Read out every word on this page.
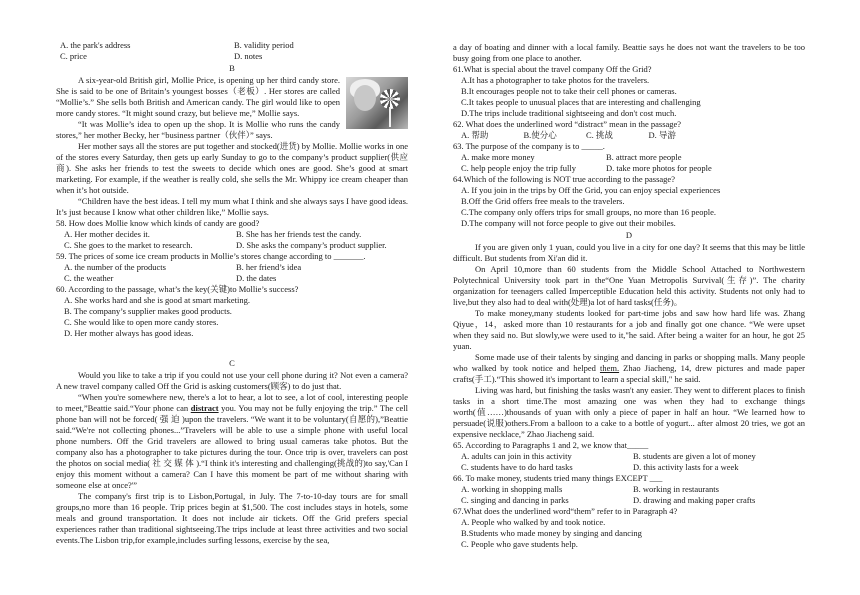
A. the park's address	B. validity period
C. price	D. notes

B

A six-year-old British girl, Mollie Price, is opening up her third candy store. She is said to be one of Britain’s youngest bosses（老板）. Her stores are called “Mollie’s.” She sells both British and American candy. The girl would like to open more candy stores. “It might sound crazy, but believe me,” Mollie says.

“It was Mollie’s idea to open up the shop. It is Mollie who runs the candy stores,” her mother Becky, her “business partner（伙伴）” says.

Her mother says all the stores are put together and stocked(进货) by Mollie. Mollie works in one of the stores every Saturday, then gets up early Sunday to go to the company’s product supplier(供应商). She asks her friends to test the sweets to decide which ones are good. She’s good at smart marketing. For example, if the weather is really cold, she sells the Mr. Whippy ice cream cheaper than when it’s hot outside.

“Children have the best ideas. I tell my mum what I think and she always says I have good ideas. It’s just because I know what other children like,” Mollie says.

58. How does Mollie know which kinds of candy are good?

A. Her mother decides it.	B. She has her friends test the candy.
C. She goes to the market to research.	D. She asks the company’s product supplier.

59. The prices of some ice cream products in Mollie’s stores change according to _______.

A. the number of the products	B. her friend’s idea
C. the weather	D. the dates

60. According to the passage, what’s the key(关键)to Mollie’s success?

A. She works hard and she is good at smart marketing.

B. The company’s supplier makes good products.

C. She would like to open more candy stores.

D. Her mother always has good ideas.

C

Would you like to take a trip if you could not use your cell phone during it? Not even a camera? A new travel company called Off the Grid is asking customers(顾客) to do just that.

“When you're somewhere new, there's a lot to hear, a lot to see, a lot of cool, interesting people to meet,”Beattie said.“Your phone can distract you. You may not be fully enjoying the trip.” The cell phone ban will not be forced( 强 迫 )upon the travelers. “We want it to be voluntary(自愿的),”Beattie said.“We're not collecting phones...”Travelers will be able to use a simple phone with useful local phone numbers. Off the Grid travelers are allowed to bring usual cameras take photos. But the company also has a photographer to take pictures during the tour. Once trip is over, travelers can post the photos on social media( 社 交 媒 体 ).“I think it's interesting and challenging(挑战的)to say,'Can I enjoy this moment without a camera? Can I have this moment be part of me without sharing with someone else at once?'”

The company's first trip is to Lisbon,Portugal, in July. The 7-to-10-day tours are for small groups,no more than 16 people. Trip prices begin at $1,500. The cost includes stays in hotels, some meals and ground transportation. It does not include air tickets. Off the Grid prefers special experiences rather than traditional sightseeing.The trips include at least three activities and two social events.The Lisbon trip,for example,includes surfing lessons, exercise by the sea,

a day of boating and dinner with a local family. Beattie says he does not want the travelers to be too busy going from one place to another.

61.What is special about the travel company Off the Grid?

A.It has a photographer to take photos for the travelers.

B.It encourages people not to take their cell phones or cameras.

C.It takes people to unusual places that are interesting and challenging

D.The trips include traditional sightseeing and don't cost much.

62. What does the underlined word “distract” mean in the passage?

A. 帮助	B.使分心	C. 挑战	D. 导游

63. The purpose of the company is to _____.

A. make more money	B. attract more people
C. help people enjoy the trip fully	D. take more photos for people

64.Which of the following is NOT true according to the passage?

A. If you join in the trips by Off the Grid, you can enjoy special experiences

B.Off the Grid offers free meals to the travelers.

C.The company only offers trips for small groups, no more than 16 people.

D.The company will not force people to give out their mobiles.

D

If you are given only 1 yuan, could you live in a city for one day? It seems that this may be little difficult. But students from Xi'an did it.

On April 10,more than 60 students from the Middle School Attached to Northwestern Polytechnical University took part in the“One Yuan Metropolis Survival(生存)”. The charity organization for teenagers called Imperceptible Education held this activity. Students not only had to live,but they also had to deal with(处理)a lot of hard tasks(任务)。

To make money,many students looked for part-time jobs and saw how hard life was. Zhang Qiyue，14，asked more than 10 restaurants for a job and finally got one chance. “We were upset when they said no. But slowly,we were used to it,"he said. After being a waiter for an hour, he got 25 yuan.

Some made use of their talents by singing and dancing in parks or shopping malls. Many people who walked by took notice and helped them. Zhao Jiacheng, 14, drew pictures and made paper crafts(手工).“This showed it's important to learn a special skill," he said.

Living was hard, but finishing the tasks wasn't any easier. They went to different places to finish tasks in a short time.The most amazing one was when they had to exchange things worth(值……)thousands of yuan with only a piece of paper in half an hour. “We learned how to persuade(说服)others.From a balloon to a cake to a bottle of yogurt... after almost 20 tries, we got an expensive necklace,” Zhao Jiacheng said.

65. According to Paragraphs 1 and 2, we know that_____

A. adults can join in this activity	B. students are given a lot of money
C. students have to do hard tasks	D. this activity lasts for a week

66. To make money, students tried many things EXCEPT ___

A. working in shopping malls	B. working in restaurants
C. singing and dancing in parks	D. drawing and making paper crafts

67.What does the underlined word“them” refer to in Paragraph 4?

A. People who walked by and took notice.

B.Students who made money by singing and dancing

C. People who gave students help.
